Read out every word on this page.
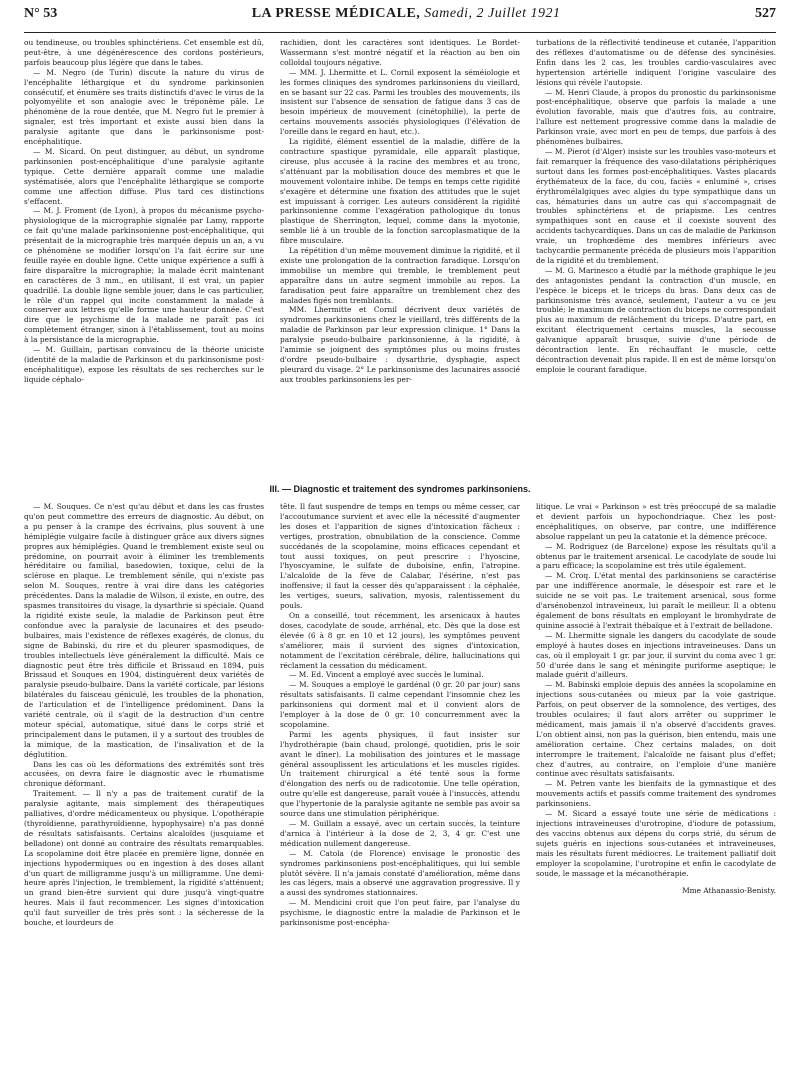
N° 53	LA PRESSE MÉDICALE, Samedi, 2 Juillet 1921	527

ou tendineuse, ou troubles sphinctériens. Cet ensemble est dû, peut-être, à une dégénérescence des cordons postérieurs, parfois beaucoup plus légère que dans le tabes.

— M. Negro (de Turin) discute la nature du virus de l'encéphalite léthargique et du syndrome parkinsonien consécutif, et énumère ses traits distinctifs d'avec le virus de la polyomyélite et son analogie avec le tréponème pâle. Le phénomène de la roue dentée, que M. Negro fut le premier à signaler, est très important et existe aussi bien dans la paralysie agitante que dans le parkinsonisme post-encéphalitique.

— M. Sicard. On peut distinguer, au début, un syndrome parkinsonien post-encéphalitique d'une paralysie agitante typique. Cette dernière apparaît comme une maladie systématisée, alors que l'encéphalite léthargique se comporte comme une affection diffuse. Plus tard ces distinctions s'effacent.

— M. J. Froment (de Lyon), à propos du mécanisme psycho-physiologique de la micrographie signalée par Lamy, rapporte ce fait qu'une malade parkinsonienne post-encéphalitique, qui présentait de la micrographie très marquée depuis un an, a vu ce phénomène se modifier lorsqu'on l'a fait écrire sur une feuille rayée en double ligne. Cette unique expérience a suffi à faire disparaître la micrographie; la malade écrit maintenant en caractères de 3 mm., en utilisant, il est vrai, un papier quadrillé. La double ligne semble jouer, dans le cas particulier, le rôle d'un rappel qui incite constamment la malade à conserver aux lettres qu'elle forme une hauteur donnée. C'est dire que le psychisme de la malade ne paraît pas ici complètement étranger, sinon à l'établissement, tout au moins à la persistance de la micrographie.

— M. Guillain, partisan convaincu de la théorie uniciste (identité de la maladie de Parkinson et du parkinsonisme post-encéphalitique), expose les résultats de ses recherches sur le liquide céphalo-

rachidien, dont les caractères sont identiques. Le Bordet-Wassermann s'est montré négatif et la réaction au ben oin colloïdal toujours négative.

— MM. J. Lhermitte et L. Cornil exposent la séméiologie et les formes cliniques des syndromes parkinsoniens du vieillard, en se basant sur 22 cas. Parmi les troubles des mouvements, ils insistent sur l'absence de sensation de fatigue dans 3 cas de besoin impérieux de mouvement (cinétophilie), la perte de certains mouvements associés physiologiques (l'élévation de l'oreille dans le regard en haut, etc.).

La rigidité, élément essentiel de la maladie, diffère de la contracture spastique pyramidale, elle apparaît plastique, cireuse, plus accusée à la racine des membres et au tronc, s'atténuant par la mobilisation douce des membres et que le mouvement volontaire inhibe. De temps en temps cette rigidité s'exagère et détermine une fixation des attitudes que le sujet est impuissant à corriger. Les auteurs considèrent la rigidité parkinsonienne comme l'exagération pathologique du tonus plastique de Sherrington, lequel, comme dans la myotonie, semble lié à un trouble de la fonction sarcoplasmatique de la fibre musculaire.

La répétition d'un même mouvement diminue la rigidité, et il existe une prolongation de la contraction faradique. Lorsqu'on immobilise un membre qui tremble, le tremblement peut apparaître dans un autre segment immobile au repos. La faradisation peut faire apparaître un tremblement chez des malades figés non tremblants.

MM. Lhermitte et Cornil décrivent deux variétés de syndromes parkinsoniens chez le vieillard, très différents de la maladie de Parkinson par leur expression clinique. 1° Dans la paralysie pseudo-bulbaire parkinsonienne, à la rigidité, à l'amimie se joignent des symptômes plus ou moins frustes d'ordre pseudo-bulbaire : dysarthrie, dysphagie, aspect pleurard du visage. 2° Le parkinsonisme des lacunaires associé aux troubles parkinsoniens les per-

turbations de la réflectivité tendineuse et cutanée, l'apparition des réflexes d'automatisme ou de défense des syncinésies. Enfin dans les 2 cas, les troubles cardio-vasculaires avec hypertension artérielle indiquent l'origine vasculaire des lésions qui révèle l'autopsie.

— M. Henri Claude, à propos du pronostic du parkinsonisme post-encéphalitique, observe que parfois la malade a une évolution favorable, mais que d'autres fois, au contraire, l'allure est nettement progressive comme dans la maladie de Parkinson vraie, avec mort en peu de temps, due parfois à des phénomènes bulbaires.

— M. Pierot (d'Alger) insiste sur les troubles vaso-moteurs et fait remarquer la fréquence des vaso-dilatations périphériques surtout dans les formes post-encéphalitiques. Vastes placards érythémateux de la face, du cou, faciès « enluminé », crises érythromélalgiques avec algies du type sympathique dans un cas, hématuries dans un autre cas qui s'accompagnait de troubles sphinctériens et de priapisme. Les centres sympathiques sont en cause et il coexiste souvent des accidents tachycardiques. Dans un cas de maladie de Parkinson vraie, un trophœdème des membres inférieurs avec tachycardie permanente précéda de plusieurs mois l'apparition de la rigidité et du tremblement.

— M. G. Marinesco a étudié par la méthode graphique le jeu des antagonistes pendant la contraction d'un muscle, en l'espèce le biceps et le triceps du bras. Dans deux cas de parkinsonisme très avancé, seulement, l'auteur a vu ce jeu troublé; le maximum de contraction du biceps ne correspondait plus au maximum de relâchement du triceps. D'autre part, en excitant électriquement certains muscles, la secousse galvanique apparaît brusque, suivie d'une période de décontraction lente. En réchauffant le muscle, cette décontraction devenait plus rapide. Il en est de même lorsqu'on emploie le courant faradique.

III. — Diagnostic et traitement des syndromes parkinsoniens.

— M. Souques. Ce n'est qu'au début et dans les cas frustes qu'on peut commettre des erreurs de diagnostic. Au début, on a pu penser à la crampe des écrivains, plus souvent à une hémiplégie vulgaire facile à distinguer grâce aux divers signes propres aux hémiplégies. Quand le tremblement existe seul ou prédomine, on pourrait avoir à éliminer les tremblements héréditaire ou familial, basedowien, toxique, celui de la sclérose en plaque. Le tremblement sénile, qui n'existe pas selon M. Souques, rentre à vrai dire dans les catégories précédentes. Dans la maladie de Wilson, il existe, en outre, des spasmes transitoires du visage, la dysarthrie si spéciale. Quand la rigidité existe seule, la maladie de Parkinson peut être confondue avec la paralysie de lacunaires et des pseudo-bulbaires, mais l'existence de réflexes exagérés, de clonus, du signe de Babinski, du rire et du pleurer spasmodiques, de troubles intellectuels lève généralement la difficulté. Mais ce diagnostic peut être très difficile et Brissaud en 1894, puis Brissaud et Souques en 1904, distinguèrent deux variétés de paralysie pseudo-bulbaire. Dans la variété corticale, par lésions bilatérales du faisceau géniculé, les troubles de la phonation, de l'articulation et de l'intelligence prédominent. Dans la variété centrale, où il s'agit de la destruction d'un centre moteur spécial, automatique, situé dans le corps strié et principalement dans le putamen, il y a surtout des troubles de la mimique, de la mastication, de l'insalivation et de la déglutition.

Dans les cas où les déformations des extrémités sont très accusées, on devra faire le diagnostic avec le rhumatisme chronique déformant.

Traitement. — Il n'y a pas de traitement curatif de la paralysie agitante, mais simplement des thérapeutiques palliatives, d'ordre médicamenteux ou physique. L'opothérapie (thyroïdienne, parathyroïdienne, hypophysaire) n'a pas donné de résultats satisfaisants. Certains alcaloïdes (jusquiame et belladone) ont donné au contraire des résultats remarquables. La scopolamine doit être placée en première ligne, donnée en injections hypodermiques ou en ingestion à des doses allant d'un quart de milligramme jusqu'à un milligramme. Une demi-heure après l'injection, le tremblement, la rigidité s'atténuent; un grand bien-être survient qui dure jusqu'à vingt-quatre heures. Mais il faut recommencer. Les signes d'intoxication qu'il faut surveiller de très près sont : la sécheresse de la bouche, et lourdeurs de

tête. Il faut suspendre de temps en temps ou même cesser, car l'accoutumance survient et avec elle la nécessité d'augmenter les doses et l'apparition de signes d'intoxication fâcheux : vertiges, prostration, obnubilation de la conscience. Comme succédanés de la scopolamine, moins efficaces cependant et tout aussi toxiques, on peut prescrire : l'hyoscine, l'hyoscyamine, le sulfate de duboisine, enfin, l'atropine. L'alcaloïde de la fève de Calabar, l'ésérine, n'est pas inoffensive; il faut la cesser dès qu'apparaissent : la céphalée, les vertiges, sueurs, salivation, myosis, ralentissement du pouls.

On a conseillé, tout récemment, les arsenicaux à hautes doses, cacodylate de soude, arrhénal, etc. Dès que la dose est élevée (6 à 8 gr. en 10 et 12 jours), les symptômes peuvent s'améliorer, mais il survient des signes d'intoxication, notamment de l'excitation cérébrale, délire, hallucinations qui réclament la cessation du médicament.

— M. Ed. Vincent a employé avec succès le luminal.

— M. Souques a employé le gardénal (0 gr. 20 par jour) sans résultats satisfaisants. Il calme cependant l'insomnie chez les parkinsoniens qui dorment mal et il convient alors de l'employer à la dose de 0 gr. 10 concurremment avec la scopolamine.

Parmi les agents physiques, il faut insister sur l'hydrothérapie (bain chaud, prolongé, quotidien, pris le soir avant le dîner). La mobilisation des jointures et le massage général assouplissent les articulations et les muscles rigides. Un traitement chirurgical a été tenté sous la forme d'élongation des nerfs ou de radicotomie. Une telle opération, outre qu'elle est dangereuse, paraît vouée à l'insuccès, attendu que l'hypertonie de la paralysie agitante ne semble pas avoir sa source dans une stimulation périphérique.

— M. Guillain a essayé, avec un certain succès, la teinture d'arnica à l'intérieur à la dose de 2, 3, 4 gr. C'est une médication nullement dangereuse.

— M. Catola (de Florence) envisage le pronostic des syndromes parkinsoniens post-encéphalitiques, qui lui semble plutôt sévère. Il n'a jamais constaté d'amélioration, même dans les cas légers, mais a observé une aggravation progressive. Il y a aussi des syndromes stationnaires.

— M. Mendicini croit que l'on peut faire, par l'analyse du psychisme, le diagnostic entre la maladie de Parkinson et le parkinsonisme post-encépha-

litique. Le vrai « Parkinson » est très préoccupé de sa maladie et devient parfois un hypochondriaque. Chez les post-encéphalitiques, on observe, par contre, une indifférence absolue rappelant un peu la catatonie et la démence précoce.

— M. Rodriguez (de Barcelone) expose les résultats qu'il a obtenus par le traitement arsenical. Le cacodylate de soude lui a paru efficace; la scopolamine est très utile également.

— M. Croq. L'état mental des parkinsoniens se caractérise par une indifférence anormale, le désespoir est rare et le suicide ne se voit pas. Le traitement arsenical, sous forme d'arsénobenzol intraveineux, lui paraît le meilleur. Il a obtenu également de bons résultats en employant le bromhydrate de quinine associé à l'extrait thébaïque et à l'extrait de belladone.

— M. Lhermitte signale les dangers du cacodylate de soude employé à hautes doses en injections intraveineuses. Dans un cas, où il employait 1 gr. par jour, il survint du coma avec 1 gr. 50 d'urée dans le sang et méningite puriforme aseptique; le malade guérit d'ailleurs.

— M. Babinski emploie depuis des années la scopolamine en injections sous-cutanées ou mieux par la voie gastrique. Parfois, on peut observer de la somnolence, des vertiges, des troubles oculaires; il faut alors arrêter ou supprimer le médicament, mais jamais il n'a observé d'accidents graves. L'on obtient ainsi, non pas la guérison, bien entendu, mais une amélioration certaine. Chez certains malades, on doit interrompre le traitement, l'alcaloïde ne faisant plus d'effet; chez d'autres, au contraire, on l'emploie d'une manière continue avec résultats satisfaisants.

— M. Petren vante les bienfaits de la gymnastique et des mouvements actifs et passifs comme traitement des syndromes parkinsoniens.

— M. Sicard a essayé toute une série de médications : injections intraveineuses d'urotropine, d'iodure de potassium, des vaccins obtenus aux dépens du corps strié, du sérum de sujets guéris en injections sous-cutanées et intraveineuses, mais les résultats furent médiocres. Le traitement palliatif doit employer la scopolamine, l'urotropine et enfin le cacodylate de soude, le massage et la mécanothérapie.

Mme Athanassio-Benisty.
